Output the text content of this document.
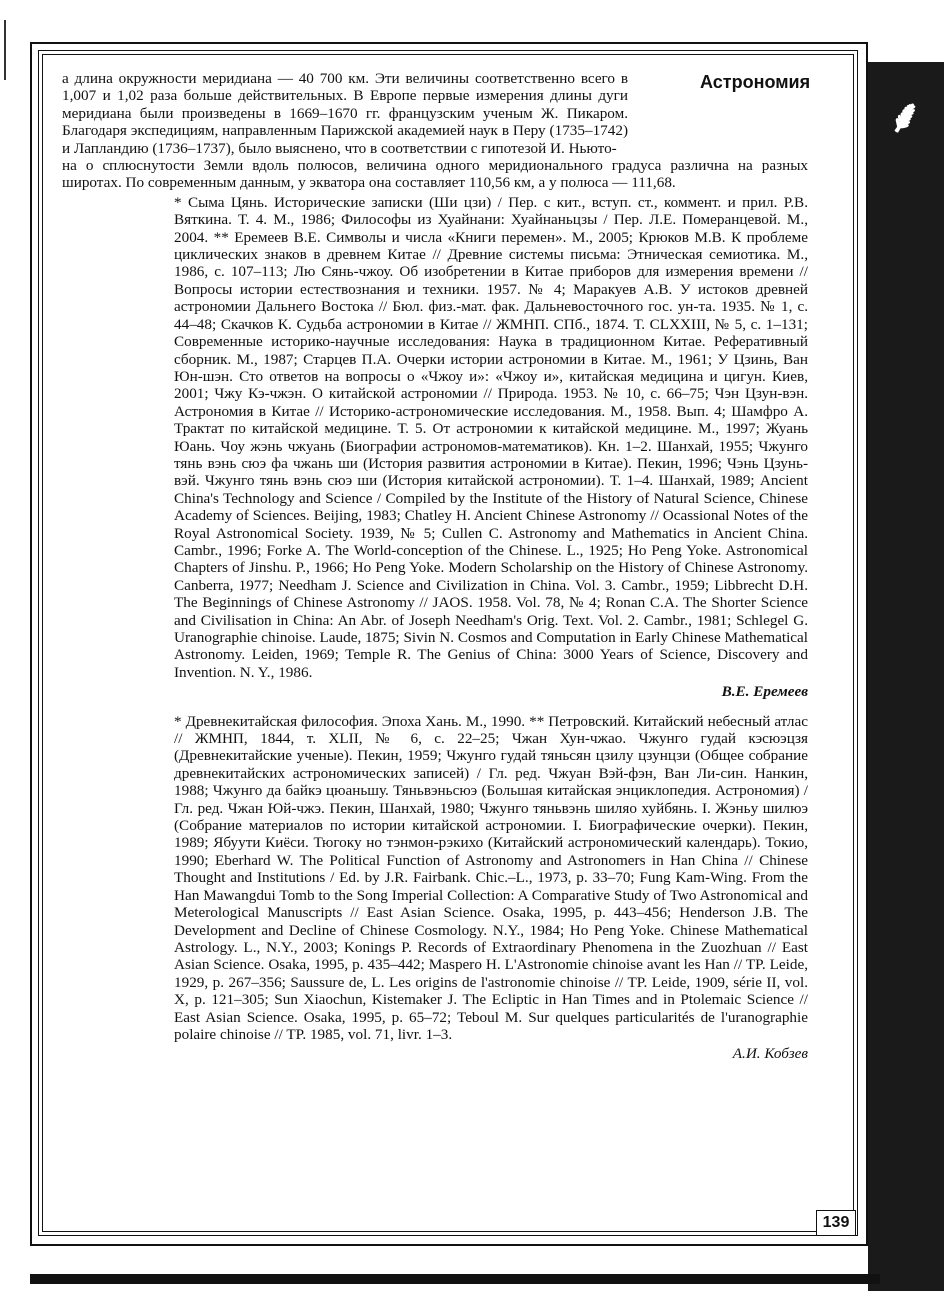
⸙
Астрономия
а длина окружности меридиана — 40 700 км. Эти величины соответственно всего в 1,007 и 1,02 раза больше действительных. В Европе первые измерения длины дуги меридиана были произведены в 1669–1670 гг. французским ученым Ж. Пикаром. Благодаря экспедициям, направленным Парижской академией наук в Перу (1735–1742) и Лапландию (1736–1737), было выяснено, что в соответствии с гипотезой И. Ньюто-
на о сплюснутости Земли вдоль полюсов, величина одного меридионального градуса различна на разных широтах. По современным данным, у экватора она составляет 110,56 км, а у полюса — 111,68.

* Сыма Цянь. Исторические записки (Ши цзи) / Пер. с кит., вступ. ст., коммент. и прил. Р.В. Вяткина. Т. 4. М., 1986; Философы из Хуайнани: Хуайнаньцзы / Пер. Л.Е. Померанцевой. М., 2004. ** Еремеев В.Е. Символы и числа «Книги перемен». М., 2005; Крюков М.В. К проблеме циклических знаков в древнем Китае // Древние системы письма: Этническая семиотика. М., 1986, с. 107–113; Лю Сянь-чжоу. Об изобретении в Китае приборов для измерения времени // Вопросы истории естествознания и техники. 1957. № 4; Маракуев А.В. У истоков древней астрономии Дальнего Востока // Бюл. физ.-мат. фак. Дальневосточного гос. ун-та. 1935. № 1, с. 44–48; Скачков К. Судьба астрономии в Китае // ЖМНП. СПб., 1874. Т. CLXXIII, № 5, с. 1–131; Современные историко-научные исследования: Наука в традиционном Китае. Реферативный сборник. М., 1987; Старцев П.А. Очерки истории астрономии в Китае. М., 1961; У Цзинь, Ван Юн-шэн. Сто ответов на вопросы о «Чжоу и»: «Чжоу и», китайская медицина и цигун. Киев, 2001; Чжу Кэ-чжэн. О китайской астрономии // Природа. 1953. № 10, с. 66–75; Чэн Цзун-вэн. Астрономия в Китае // Историко-астрономические исследования. М., 1958. Вып. 4; Шамфро А. Трактат по китайской медицине. Т. 5. От астрономии к китайской медицине. М., 1997; Жуань Юань. Чоу жэнь чжуань (Биографии астрономов-математиков). Кн. 1–2. Шанхай, 1955; Чжунго тянь вэнь сюэ фа чжань ши (История развития астрономии в Китае). Пекин, 1996; Чэнь Цзунь-вэй. Чжунго тянь вэнь сюэ ши (История китайской астрономии). Т. 1–4. Шанхай, 1989; Ancient China's Technology and Science / Compiled by the Institute of the History of Natural Science, Chinese Academy of Sciences. Beijing, 1983; Chatley H. Ancient Chinese Astronomy // Ocassional Notes of the Royal Astronomical Society. 1939, № 5; Cullen C. Astronomy and Mathematics in Ancient China. Cambr., 1996; Forke A. The World-conception of the Chinese. L., 1925; Ho Peng Yoke. Astronomical Chapters of Jinshu. P., 1966; Ho Peng Yoke. Modern Scholarship on the History of Chinese Astronomy. Canberra, 1977; Needham J. Science and Civilization in China. Vol. 3. Cambr., 1959; Libbrecht D.H. The Beginnings of Chinese Astronomy // JAOS. 1958. Vol. 78, № 4; Ronan C.A. The Shorter Science and Civilisation in China: An Abr. of Joseph Needham's Orig. Text. Vol. 2. Cambr., 1981; Schlegel G. Uranographie chinoise. Laude, 1875; Sivin N. Cosmos and Computation in Early Chinese Mathematical Astronomy. Leiden, 1969; Temple R. The Genius of China: 3000 Years of Science, Discovery and Invention. N. Y., 1986.

В.Е. Еремеев

* Древнекитайская философия. Эпоха Хань. М., 1990. ** Петровский. Китайский небесный атлас // ЖМНП, 1844, т. XLII, № 6, с. 22–25; Чжан Хун-чжао. Чжунго гудай кэсюэцзя (Древнекитайские ученые). Пекин, 1959; Чжунго гудай тяньсян цзилу цзунцзи (Общее собрание древнекитайских астрономических записей) / Гл. ред. Чжуан Вэй-фэн, Ван Ли-син. Нанкин, 1988; Чжунго да байкэ цюаньшу. Тяньвэньсюэ (Большая китайская энциклопедия. Астрономия) / Гл. ред. Чжан Юй-чжэ. Пекин, Шанхай, 1980; Чжунго тяньвэнь шиляо хуйбянь. I. Жэньу шилюэ (Собрание материалов по истории китайской астрономии. I. Биографические очерки). Пекин, 1989; Ябуути Киёси. Тюгоку но тэнмон-рэкихо (Китайский астрономический календарь). Токио, 1990; Eberhard W. The Political Function of Astronomy and Astronomers in Han China // Chinese Thought and Institutions / Ed. by J.R. Fairbank. Chic.–L., 1973, p. 33–70; Fung Kam-Wing. From the Han Mawangdui Tomb to the Song Imperial Collection: A Comparative Study of Two Astronomical and Meterological Manuscripts // East Asian Science. Osaka, 1995, p. 443–456; Henderson J.B. The Development and Decline of Chinese Cosmology. N.Y., 1984; Ho Peng Yoke. Chinese Mathematical Astrology. L., N.Y., 2003; Konings P. Records of Extraordinary Phenomena in the Zuozhuan // East Asian Science. Osaka, 1995, p. 435–442; Maspero H. L'Astronomie chinoise avant les Han // TP. Leide, 1929, p. 267–356; Saussure de, L. Les origins de l'astronomie chinoise // TP. Leide, 1909, série II, vol. X, p. 121–305; Sun Xiaochun, Kistemaker J. The Ecliptic in Han Times and in Ptolemaic Science // East Asian Science. Osaka, 1995, p. 65–72; Teboul M. Sur quelques particularités de l'uranographie polaire chinoise // TP. 1985, vol. 71, livr. 1–3.

А.И. Кобзев
139
